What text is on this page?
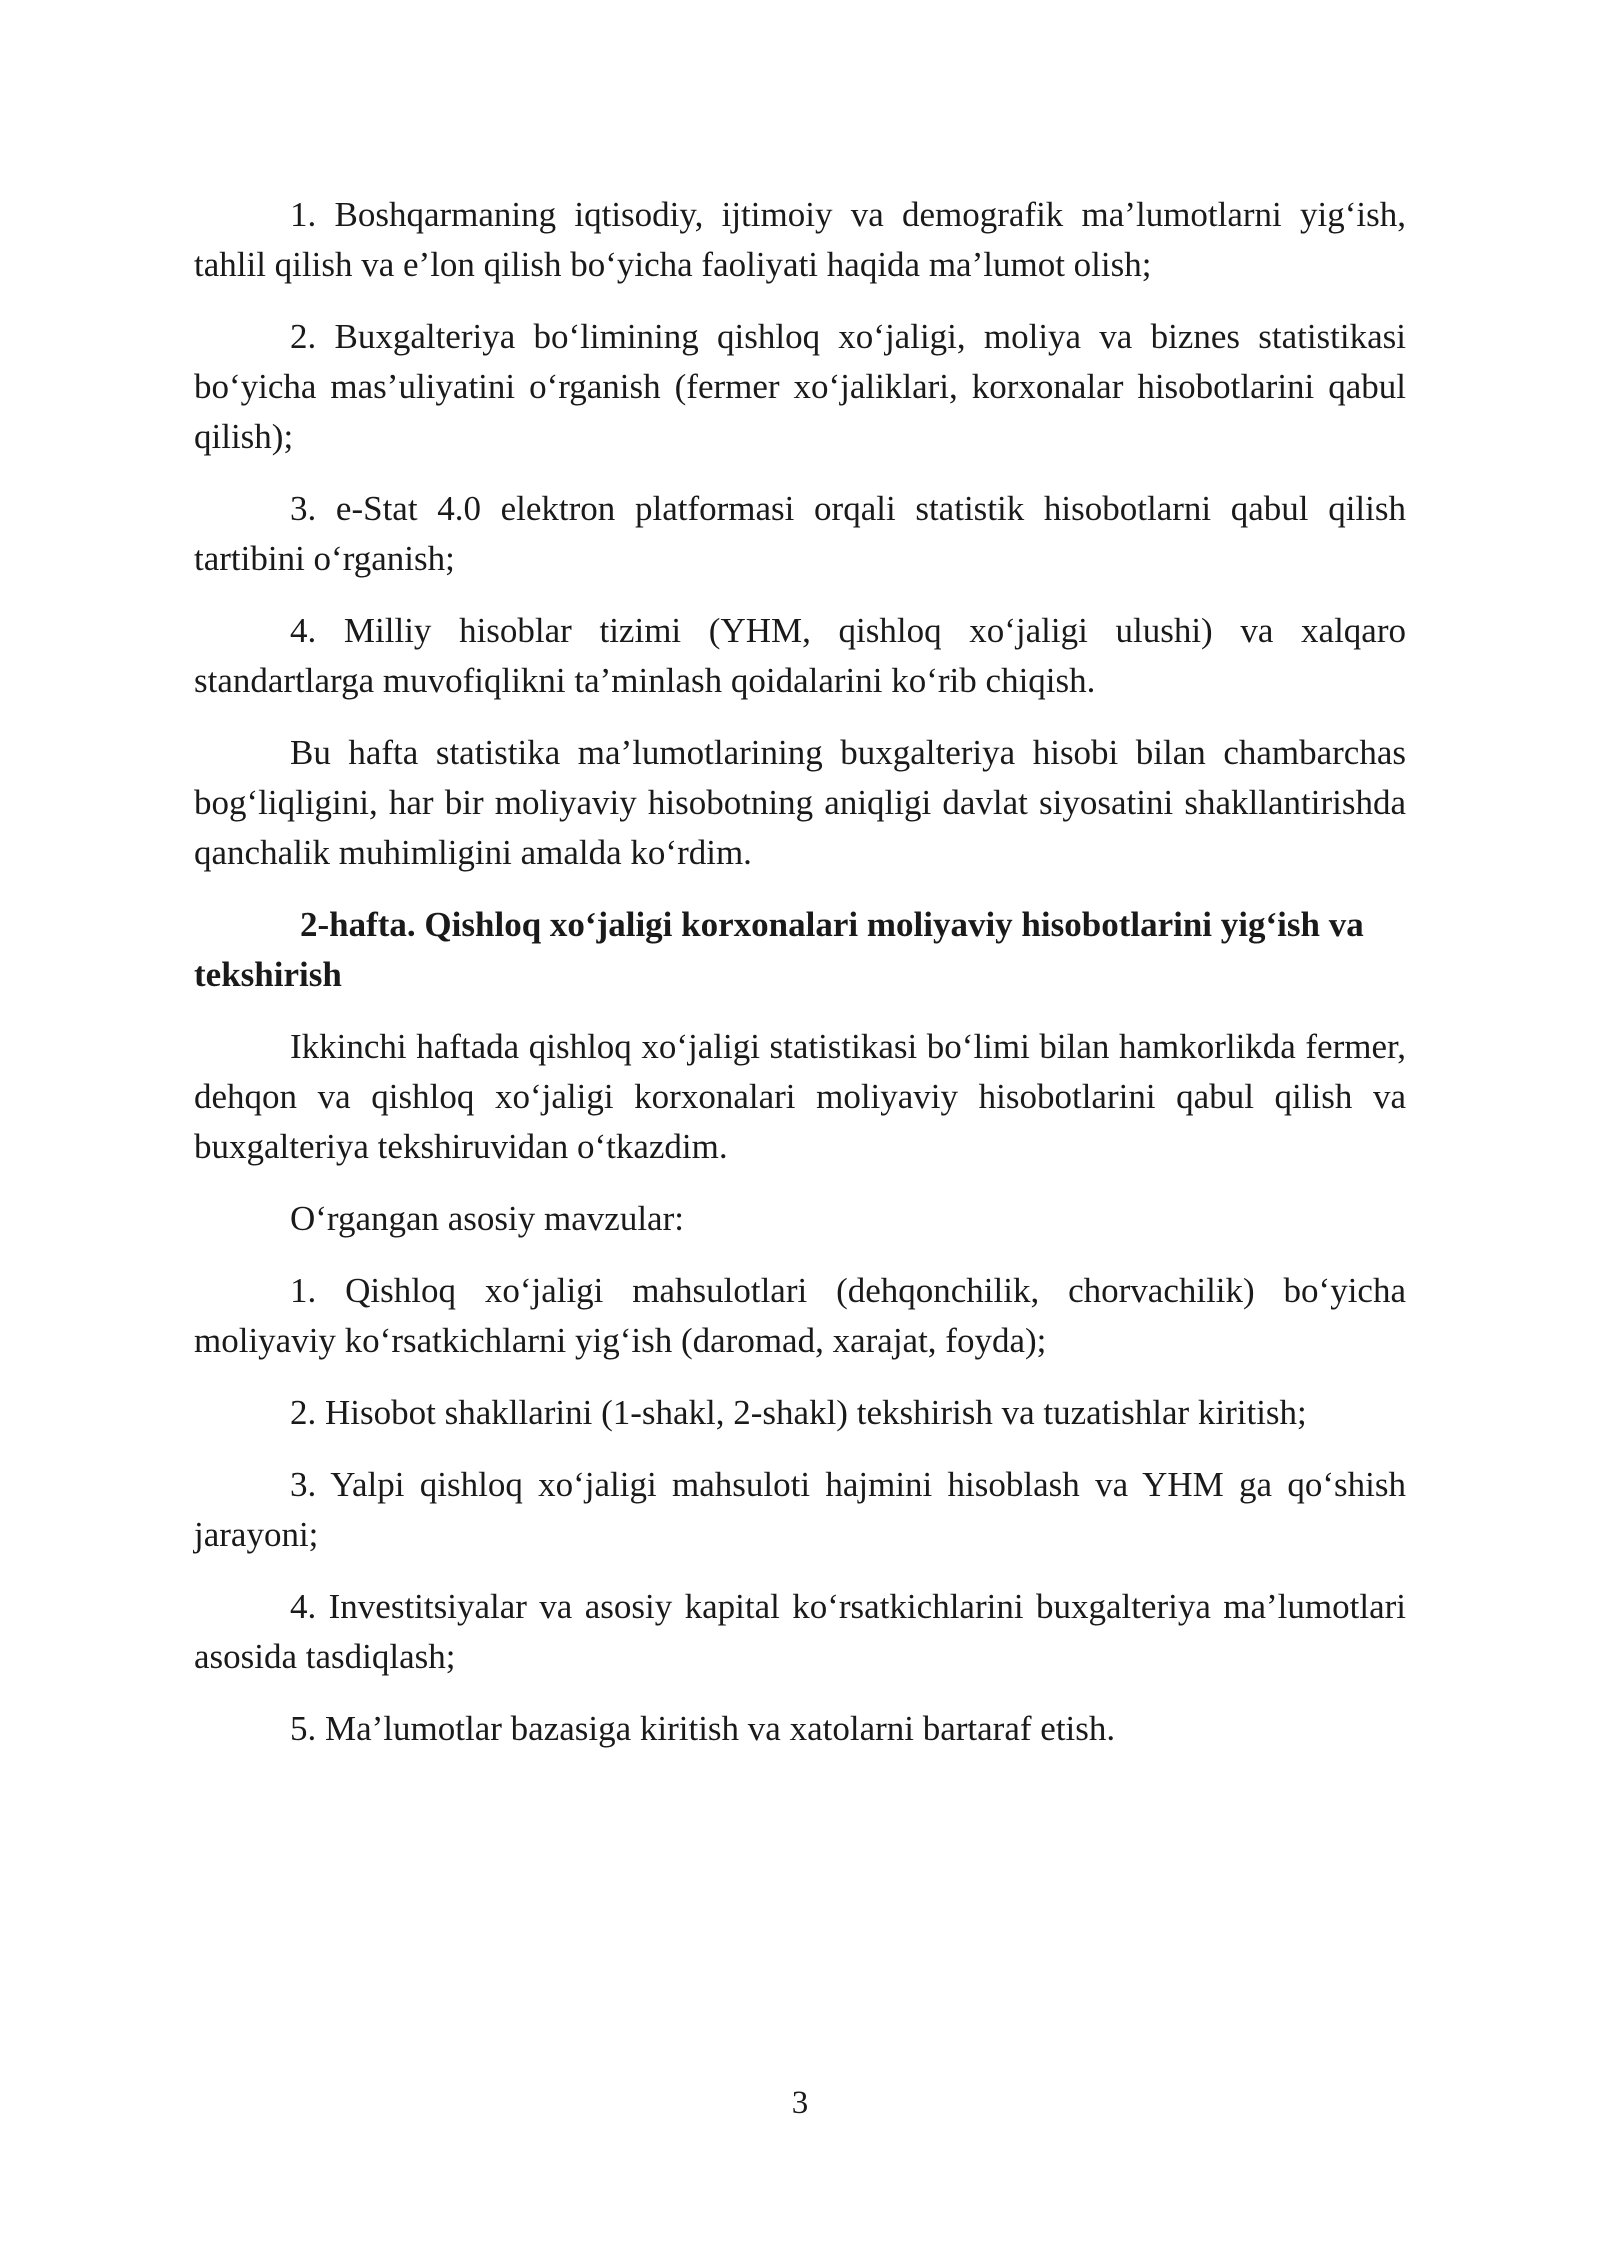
1. Boshqarmaning iqtisodiy, ijtimoiy va demografik ma’lumotlarni yig‘ish, tahlil qilish va e’lon qilish bo‘yicha faoliyati haqida ma’lumot olish;

2. Buxgalteriya bo‘limining qishloq xo‘jaligi, moliya va biznes statistikasi bo‘yicha mas’uliyatini o‘rganish (fermer xo‘jaliklari, korxonalar hisobotlarini qabul qilish);

3. e-Stat 4.0 elektron platformasi orqali statistik hisobotlarni qabul qilish tartibini o‘rganish;

4. Milliy hisoblar tizimi (YHM, qishloq xo‘jaligi ulushi) va xalqaro standartlarga muvofiqlikni ta’minlash qoidalarini ko‘rib chiqish.

Bu hafta statistika ma’lumotlarining buxgalteriya hisobi bilan chambarchas bog‘liqligini, har bir moliyaviy hisobotning aniqligi davlat siyosatini shakllantirishda qanchalik muhimligini amalda ko‘rdim.

2-hafta. Qishloq xo‘jaligi korxonalari moliyaviy hisobotlarini yig‘ish va tekshirish

Ikkinchi haftada qishloq xo‘jaligi statistikasi bo‘limi bilan hamkorlikda fermer, dehqon va qishloq xo‘jaligi korxonalari moliyaviy hisobotlarini qabul qilish va buxgalteriya tekshiruvidan o‘tkazdim.

O‘rgangan asosiy mavzular:

1. Qishloq xo‘jaligi mahsulotlari (dehqonchilik, chorvachilik) bo‘yicha moliyaviy ko‘rsatkichlarni yig‘ish (daromad, xarajat, foyda);

2. Hisobot shakllarini (1-shakl, 2-shakl) tekshirish va tuzatishlar kiritish;

3. Yalpi qishloq xo‘jaligi mahsuloti hajmini hisoblash va YHM ga qo‘shish jarayoni;

4. Investitsiyalar va asosiy kapital ko‘rsatkichlarini buxgalteriya ma’lumotlari asosida tasdiqlash;

5. Ma’lumotlar bazasiga kiritish va xatolarni bartaraf etish.

3
